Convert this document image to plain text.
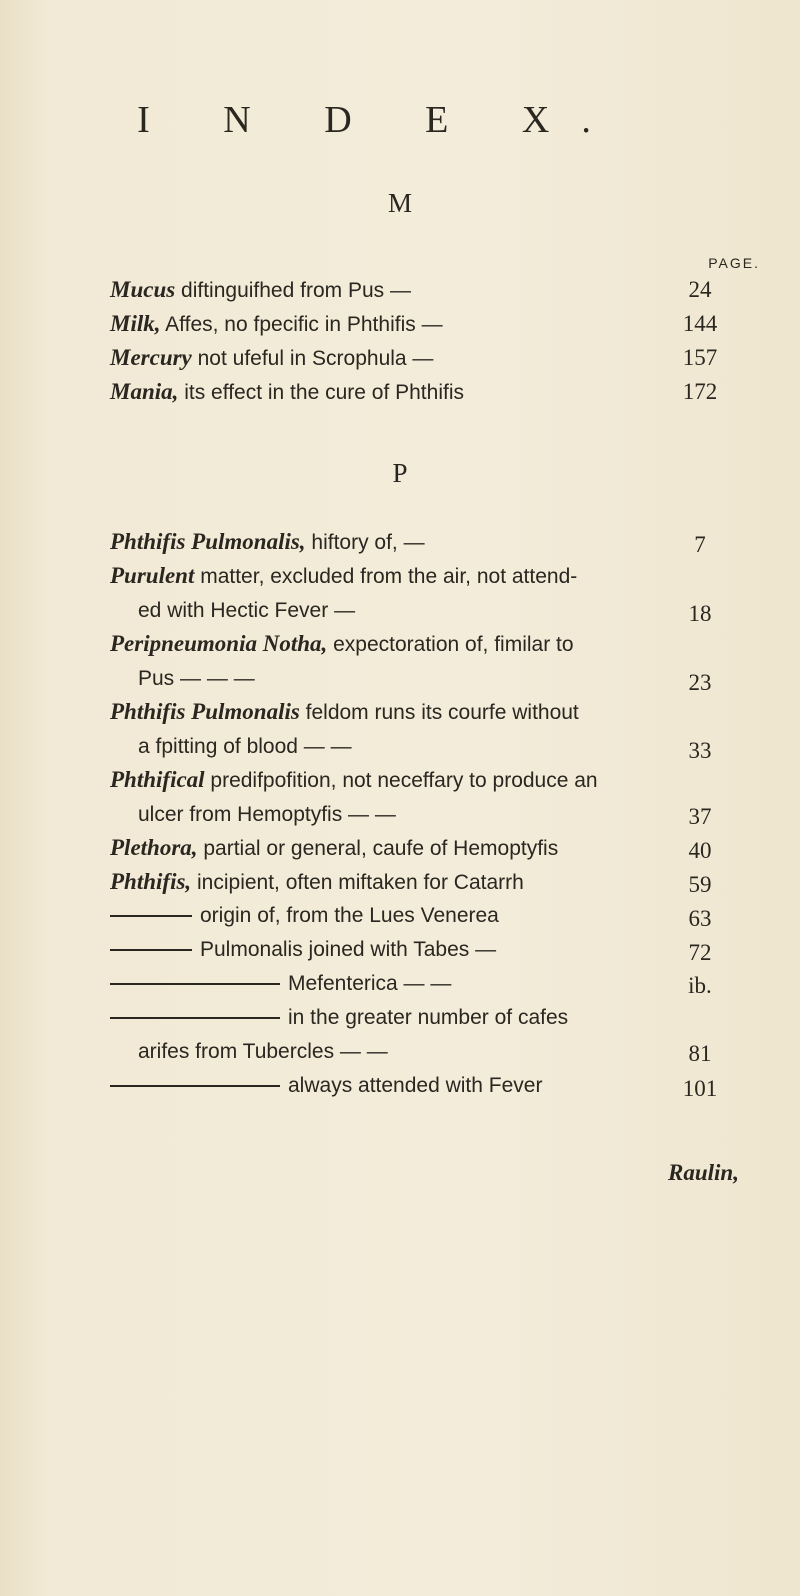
I N D E X.
M
PAGE.
Mucus diftinguifhed from Pus —	24
Milk, Affes, no fpecific in Phthifis —	144
Mercury not ufeful in Scrophula —	157
Mania, its effect in the cure of Phthifis	172
P
Phthifis Pulmonalis, hiftory of, —	7
Purulent matter, excluded from the air, not attend-
ed with Hectic Fever —	18
Peripneumonia Notha, expectoration of, fimilar to
Pus — — —	23
Phthifis Pulmonalis feldom runs its courfe without
a fpitting of blood — —	33
Phthifical predifpofition, not neceffary to produce an
ulcer from Hemoptyfis — —	37
Plethora, partial or general, caufe of Hemoptyfis	40
Phthifis, incipient, often miftaken for Catarrh	59
origin of, from the Lues Venerea	63
Pulmonalis joined with Tabes —	72
Mefenterica — —	ib.
in the greater number of cafes
arifes from Tubercles — —	81
always attended with Fever	101
Raulin,
